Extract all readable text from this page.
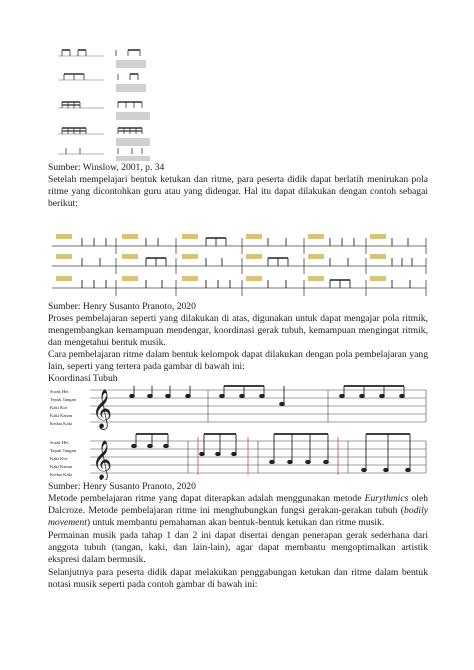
Sumber: Winslow, 2001, p. 34
Setelah mempelajari bentuk ketukan dan ritme, para peserta didik dapat berlatih menirukan pola ritme yang dicontohkan guru atau yang didengar. Hal itu dapat dilakukan dengan contoh sebagai berikut:
Sumber: Henry Susanto Pranoto, 2020
Proses pembelajaran seperti yang dilakukan di atas, digunakan untuk dapat mengajar pola ritmik, mengembangkan kemampuan mendengar, koordinasi gerak tubuh, kemampuan mengingat ritmik, dan mengetahui bentuk musik.
Cara pembelajaran ritme dalam bentuk kelompok dapat dilakukan dengan pola pembelajaran yang lain, seperti yang tertera pada gambar di bawah ini:
Koordinasi Tubuh
Sorak Hei
Tepuk Tangan
Kaki Kiri
Kaki Kanan
Kedua Kaki
Sorak Hei
Tepuk Tangan
Kaki Kiri
Kaki Kanan
Kedua Kaki
𝄞
𝄞
Sumber: Henry Susanto Pranoto, 2020
Metode pembelajaran ritme yang dapat diterapkan adalah menggunakan metode Eurythmics oleh Dalcroze. Metode pembelajaran ritme ini menghubungkan fungsi gerakan-gerakan tubuh (bodily movement) untuk membantu pemahaman akan bentuk-bentuk ketukan dan ritme musik.
Permainan musik pada tahap 1 dan 2 ini dapat disertai dengan penerapan gerak sederhana dari anggota tubuh (tangan, kaki, dan lain-lain), agar dapat membantu mengoptimalkan artistik ekspresi dalam bermusik.
Selanjutnya para peserta didik dapat melakukan penggabungan ketukan dan ritme dalam bentuk notasi musik seperti pada contoh gambar di bawah ini:
